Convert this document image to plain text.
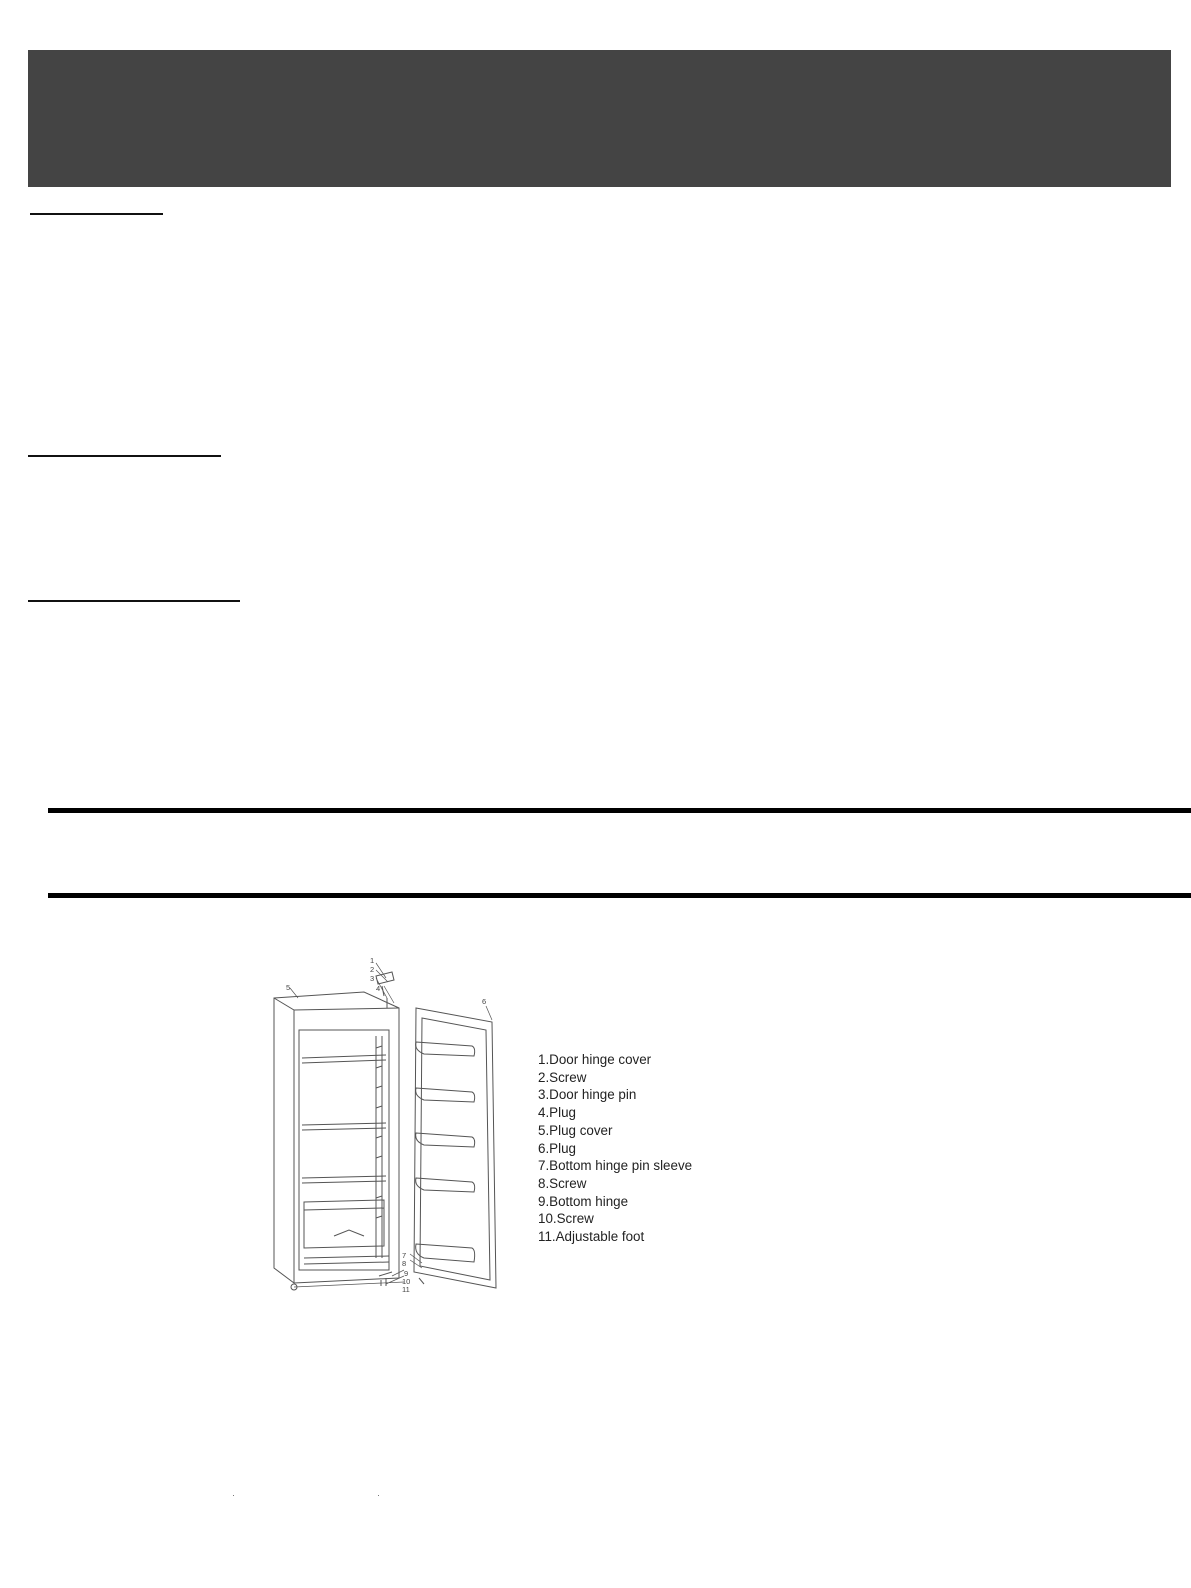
1
2
3
4
5
6
7
8
9
10
11
1.Door hinge cover
2.Screw
3.Door hinge pin
4.Plug
5.Plug cover
6.Plug
7.Bottom hinge pin sleeve
8.Screw
9.Bottom hinge
10.Screw
11.Adjustable foot
